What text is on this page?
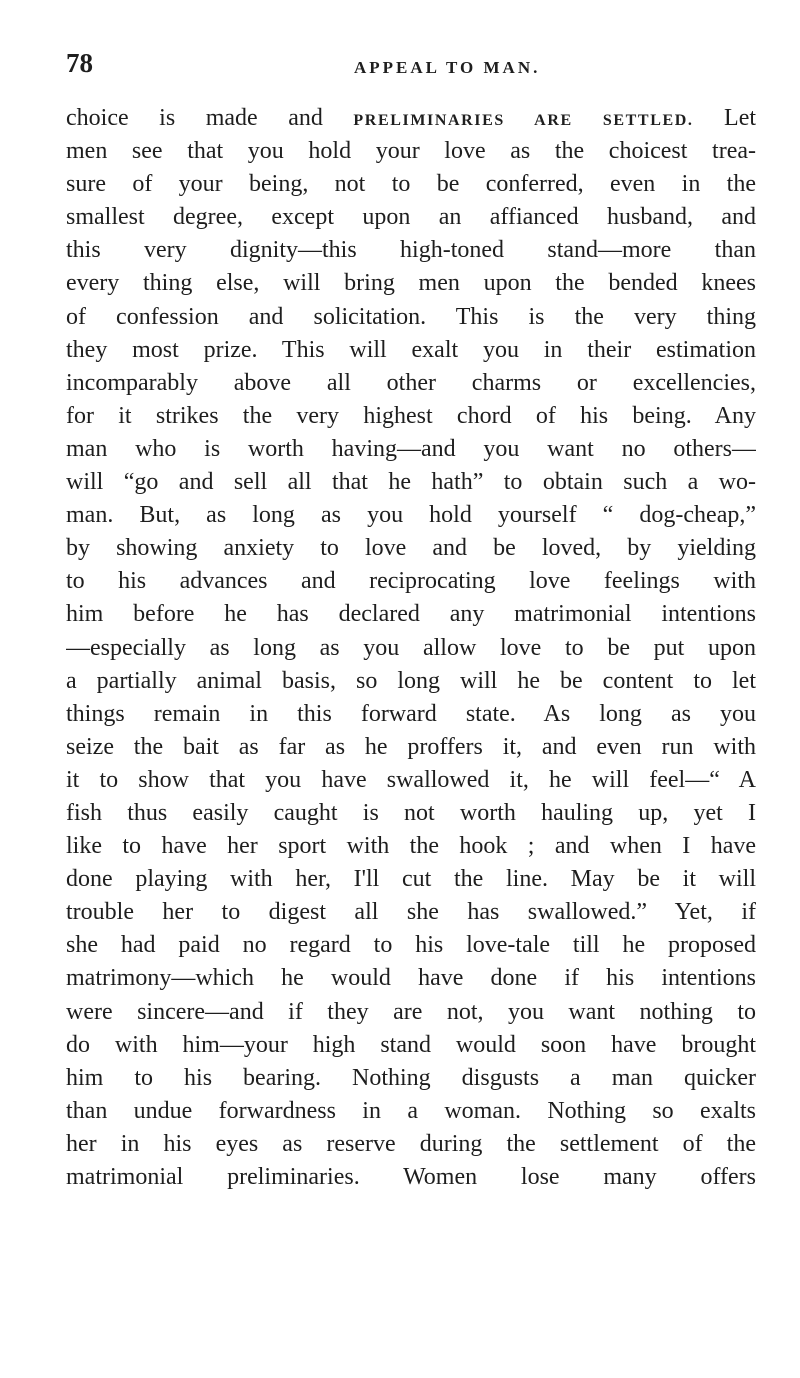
78	APPEAL TO MAN.
choice is made and PRELIMINARIES ARE SETTLED. Let
men see that you hold your love as the choicest trea-
sure of your being, not to be conferred, even in the
smallest degree, except upon an affianced husband, and
this very dignity—this high-toned stand—more than
every thing else, will bring men upon the bended knees
of confession and solicitation. This is the very thing
they most prize. This will exalt you in their estimation
incomparably above all other charms or excellencies,
for it strikes the very highest chord of his being. Any
man who is worth having—and you want no others—
will “go and sell all that he hath” to obtain such a wo-
man. But, as long as you hold yourself “ dog-cheap,”
by showing anxiety to love and be loved, by yielding
to his advances and reciprocating love feelings with
him before he has declared any matrimonial intentions
—especially as long as you allow love to be put upon
a partially animal basis, so long will he be content to let
things remain in this forward state. As long as you
seize the bait as far as he proffers it, and even run with
it to show that you have swallowed it, he will feel—“ A
fish thus easily caught is not worth hauling up, yet I
like to have her sport with the hook ; and when I have
done playing with her, I'll cut the line. May be it will
trouble her to digest all she has swallowed.” Yet, if
she had paid no regard to his love-tale till he proposed
matrimony—which he would have done if his intentions
were sincere—and if they are not, you want nothing to
do with him—your high stand would soon have brought
him to his bearing. Nothing disgusts a man quicker
than undue forwardness in a woman. Nothing so exalts
her in his eyes as reserve during the settlement of the
matrimonial preliminaries. Women lose many offers
